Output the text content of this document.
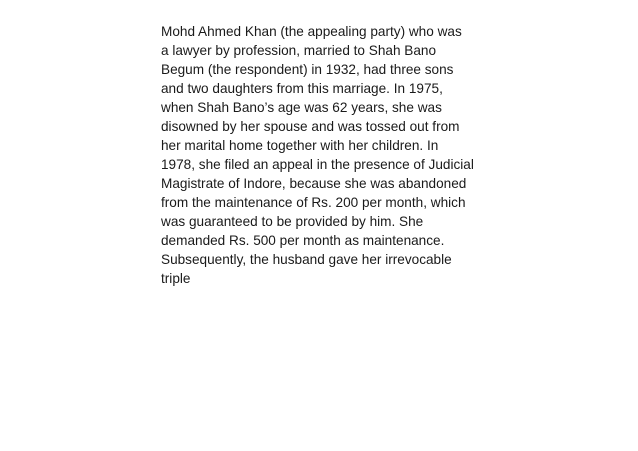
Mohd Ahmed Khan (the appealing party) who was
a lawyer by profession, married to Shah Bano
Begum (the respondent) in 1932, had three sons
and two daughters from this marriage. In 1975,
when Shah Bano’s age was 62 years, she was
disowned by her spouse and was tossed out from
her marital home together with her children. In
1978, she filed an appeal in the presence of Judicial
Magistrate of Indore, because she was abandoned
from the maintenance of Rs. 200 per month, which
was guaranteed to be provided by him. She
demanded Rs. 500 per month as maintenance.
Subsequently, the husband gave her irrevocable
triple
